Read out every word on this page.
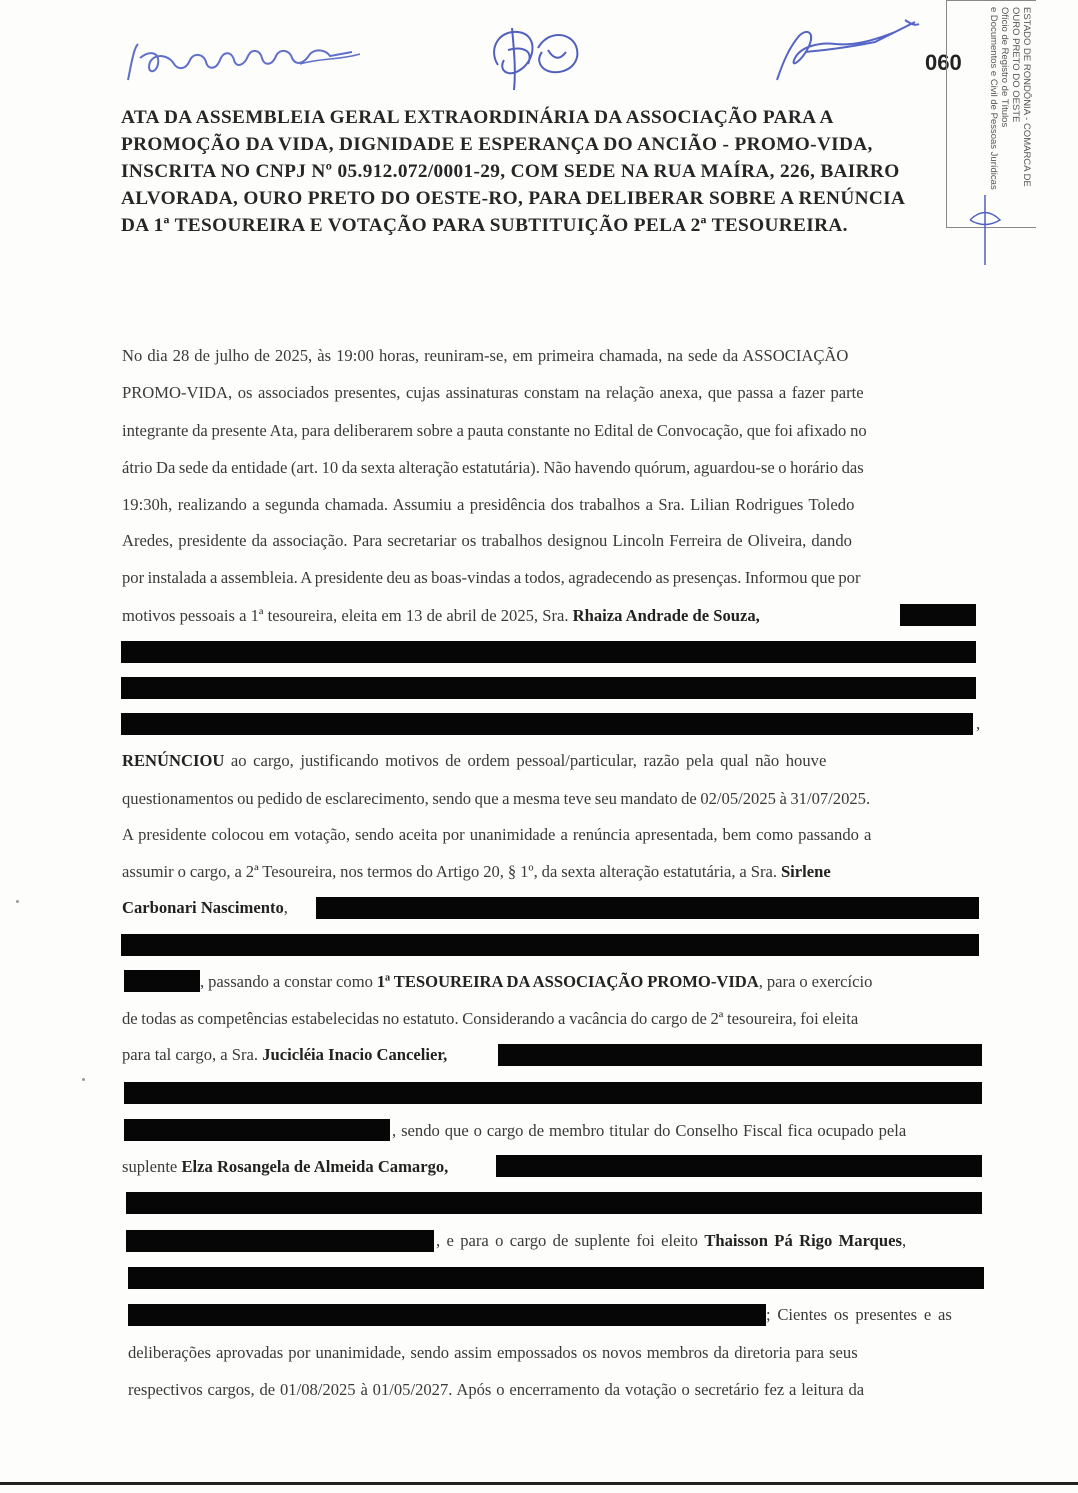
060	ESTADO DE RONDÔNIA - COMARCA DE
OURO PRETO DO OESTE
Ofício de Registro de Títulos
e Documentos e Civil de Pessoas Jurídicas
ATA DA ASSEMBLEIA GERAL EXTRAORDINÁRIA DA ASSOCIAÇÃO PARA A
PROMOÇÃO DA VIDA, DIGNIDADE E ESPERANÇA DO ANCIÃO - PROMO-VIDA,
INSCRITA NO CNPJ Nº 05.912.072/0001-29, COM SEDE NA RUA MAÍRA, 226, BAIRRO
ALVORADA, OURO PRETO DO OESTE-RO, PARA DELIBERAR SOBRE A RENÚNCIA
DA 1ª TESOUREIRA E VOTAÇÃO PARA SUBTITUIÇÃO PELA 2ª TESOUREIRA.
No dia 28 de julho de 2025, às 19:00 horas, reuniram-se, em primeira chamada, na sede da ASSOCIAÇÃO
PROMO-VIDA, os associados presentes, cujas assinaturas constam na relação anexa, que passa a fazer parte
integrante da presente Ata, para deliberarem sobre a pauta constante no Edital de Convocação, que foi afixado no
átrio Da sede da entidade (art. 10 da sexta alteração estatutária). Não havendo quórum, aguardou-se o horário das
19:30h, realizando a segunda chamada. Assumiu a presidência dos trabalhos a Sra. Lilian Rodrigues Toledo
Aredes, presidente da associação. Para secretariar os trabalhos designou Lincoln Ferreira de Oliveira, dando
por instalada a assembleia. A presidente deu as boas-vindas a todos, agradecendo as presenças. Informou que por
motivos pessoais a 1ª tesoureira, eleita em 13 de abril de 2025, Sra. Rhaiza Andrade de Souza,
,
RENÚNCIOU ao cargo, justificando motivos de ordem pessoal/particular, razão pela qual não houve
questionamentos ou pedido de esclarecimento, sendo que a mesma teve seu mandato de 02/05/2025 à 31/07/2025.
A presidente colocou em votação, sendo aceita por unanimidade a renúncia apresentada, bem como passando a
assumir o cargo, a 2ª Tesoureira, nos termos do Artigo 20, § 1º, da sexta alteração estatutária, a Sra. Sirlene
Carbonari Nascimento,
, passando a constar como 1ª TESOUREIRA DA ASSOCIAÇÃO PROMO-VIDA, para o exercício
de todas as competências estabelecidas no estatuto. Considerando a vacância do cargo de 2ª tesoureira, foi eleita
para tal cargo, a Sra. Jucicléia Inacio Cancelier,
, sendo que o cargo de membro titular do Conselho Fiscal fica ocupado pela
suplente Elza Rosangela de Almeida Camargo,
, e para o cargo de suplente foi eleito Thaisson Pá Rigo Marques,
; Cientes os presentes e as
deliberações aprovadas por unanimidade, sendo assim empossados os novos membros da diretoria para seus
respectivos cargos, de 01/08/2025 à 01/05/2027. Após o encerramento da votação o secretário fez a leitura da
